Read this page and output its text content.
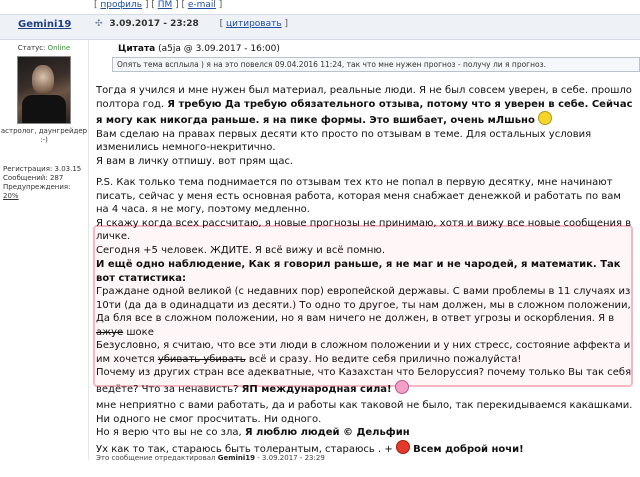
[ профиль ] [ ПМ ] [ e-mail ]
Gemini19	✣ 3.09.2017 - 23:28 [ цитировать ]
Статус: Online
астролог, даунгрейдер :-)
Регистрация: 3.03.15
Сообщений: 287
Предупреждения: 20%
Цитата (a5ja @ 3.09.2017 - 16:00)
Опять тема всплыла ) я на это повелся 09.04.2016 11:24, так что мне нужен прогноз - получу ли я прогноз.

Тогда я учился и мне нужен был материал, реальные люди. Я не был совсем уверен, в себе. прошло полтора год. Я требую Да требую обязательного отзыва, потому что я уверен в себе. Сейчас я могу как никогда раньше. я на пике формы. Это вшибает, очень мЛшьно

Вам сделаю на правах первых десяти кто просто по отзывам в теме. Для остальных условия изменились немного-некритично.

Я вам в личку отпишу. вот прям щас.

P.S. Как только тема поднимается по отзывам тех кто не попал в первую десятку, мне начинают писать, сейчас у меня есть основная работа, которая меня снабжает денежкой и работать по вам на 4 часа. я не могу, поэтому медленно.

Я скажу когда всех рассчитаю, я новые прогнозы не принимаю, хотя и вижу все новые сообщения в личке.

Сегодня +5 человек. ЖДИТЕ. Я всё вижу и всё помню.

И ещё одно наблюдение, Как я говорил раньше, я не маг и не чародей, я математик. Так вот статистика:

Граждане одной великой (с недавних пор) европейской державы. С вами проблемы в 11 случаях из 10ти (да да в одинадцати из десяти.) То одно то другое, ты нам должен, мы в сложном положении, Да бля все в сложном положении, но я вам ничего не должен, в ответ угрозы и оскорбления. Я в ажуе шоке

Безусловно, я считаю, что все эти люди в сложном положении и у них стресс, состояние аффекта и им хочется убивать убивать всё и сразу. Но ведите себя прилично пожалуйста!

Почему из других стран все адекватные, что Казахстан что Белоруссия? почему только Вы так себя ведёте? Что за ненависть? ЯП международная сила!

мне неприятно с вами работать, да и работы как таковой не было, так перекидываемся какашками. Ни одного не смог просчитать. Ни одного.

Но я верю что вы не со зла, Я люблю людей © Дельфин

Ух как то так, стараюсь быть толерантым, стараюсь . + Всем доброй ночи!

Это сообщение отредактировал Gemini19 - 3.09.2017 - 23:29
